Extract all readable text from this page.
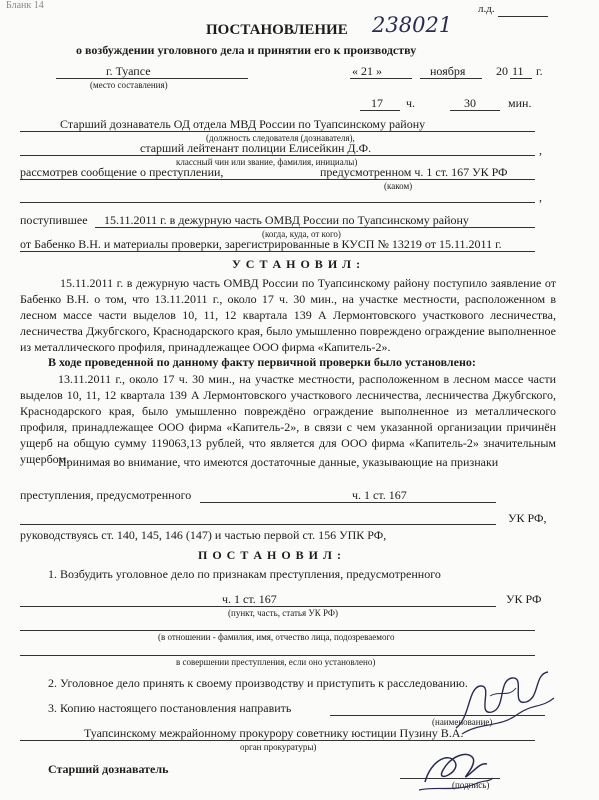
Бланк 14	л.д.
ПОСТАНОВЛЕНИЕ 238021
о возбуждении уголовного дела и принятии его к производству
г. Туапсе
(место составления)
« 21 »	ноября	20 11 г.
17 ч.	30	мин.
Старший дознаватель ОД отдела МВД России по Туапсинскому району
(должность следователя (дознавателя),
старший лейтенант полиции Елисейкин Д.Ф.	,
классный чин или звание, фамилия, инициалы)
рассмотрев сообщение о преступлении,	предусмотренном ч. 1 ст. 167 УК РФ
(каком)
,
поступившее 15.11.2011 г. в дежурную часть ОМВД России по Туапсинскому району
(когда, куда, от кого)
от Бабенко В.Н. и материалы проверки, зарегистрированные в КУСП № 13219 от 15.11.2011 г.
У С Т А Н О В И Л :
15.11.2011 г. в дежурную часть ОМВД России по Туапсинскому району поступило заявление от Бабенко В.Н. о том, что 13.11.2011 г., около 17 ч. 30 мин., на участке местности, расположенном в лесном массе части выделов 10, 11, 12 квартала 139 А Лермонтовского участкового лесничества, лесничества Джубгского, Краснодарского края, было умышленно повреждено ограждение выполненное из металлического профиля, принадлежащее ООО фирма «Капитель-2».
В ходе проведенной по данному факту первичной проверки было установлено:
13.11.2011 г., около 17 ч. 30 мин., на участке местности, расположенном в лесном массе части выделов 10, 11, 12 квартала 139 А Лермонтовского участкового лесничества, лесничества Джубгского, Краснодарского края, было умышленно повреждёно ограждение выполненное из металлического профиля, принадлежащее ООО фирма «Капитель-2», в связи с чем указанной организации причинён ущерб на общую сумму 119063,13 рублей, что является для ООО фирма «Капитель-2» значительным ущербом.
Принимая во внимание, что имеются достаточные данные, указывающие на признаки
преступления, предусмотренного	ч. 1 ст. 167
УК РФ,
руководствуясь ст. 140, 145, 146 (147) и частью первой ст. 156 УПК РФ,
П О С Т А Н О В И Л :
1. Возбудить уголовное дело по признакам преступления, предусмотренного
ч. 1 ст. 167	УК РФ
(пункт, часть, статья УК РФ)
(в отношении - фамилия, имя, отчество лица, подозреваемого
в совершении преступления, если оно установлено)
2. Уголовное дело принять к своему производству и приступить к расследованию.
3. Копию настоящего постановления направить
(наименование)
Туапсинскому межрайонному прокурору советнику юстиции Пузину В.А.
орган прокуратуры)
Старший дознаватель
(подпись)
